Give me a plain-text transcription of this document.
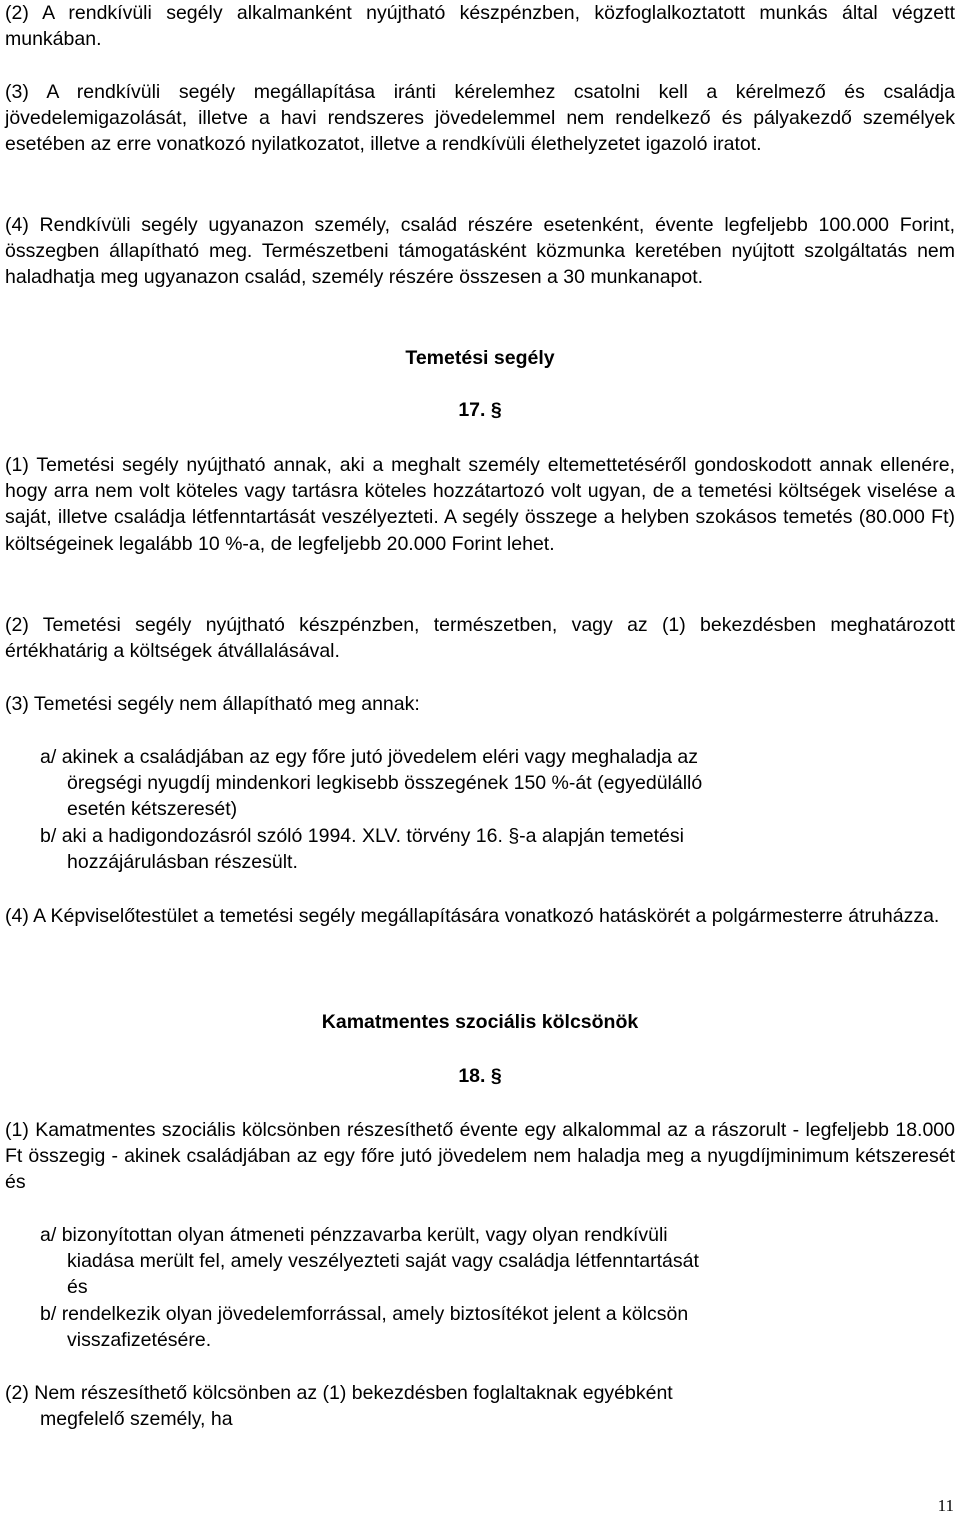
(2) A rendkívüli segély alkalmanként nyújtható készpénzben, közfoglalkoztatott munkás által végzett munkában.
(3) A rendkívüli segély megállapítása iránti kérelemhez csatolni kell a kérelmező és családja jövedelemigazolását, illetve a havi rendszeres jövedelemmel nem rendelkező és pályakezdő személyek esetében az erre vonatkozó nyilatkozatot, illetve a rendkívüli élethelyzetet igazoló iratot.
(4) Rendkívüli segély ugyanazon személy, család részére esetenként, évente legfeljebb 100.000 Forint, összegben állapítható meg. Természetbeni támogatásként közmunka keretében nyújtott szolgáltatás nem haladhatja meg ugyanazon család, személy részére összesen a 30 munkanapot.
Temetési segély
17. §
(1) Temetési segély nyújtható annak, aki a meghalt személy eltemettetéséről gondoskodott annak ellenére, hogy arra nem volt köteles vagy tartásra köteles hozzátartozó volt ugyan, de a temetési költségek viselése a saját, illetve családja létfenntartását veszélyezteti. A segély összege a helyben szokásos temetés (80.000 Ft) költségeinek legalább 10 %-a, de legfeljebb 20.000 Forint lehet.
(2) Temetési segély nyújtható készpénzben, természetben, vagy az (1) bekezdésben meghatározott értékhatárig a költségek átvállalásával.
(3) Temetési segély nem állapítható meg annak:
a/ akinek a családjában az egy főre jutó jövedelem eléri vagy meghaladja az
öregségi nyugdíj mindenkori legkisebb összegének 150 %-át (egyedülálló
esetén kétszeresét)
b/ aki a hadigondozásról szóló 1994. XLV. törvény 16. §-a alapján temetési
hozzájárulásban részesült.
(4) A Képviselőtestület a temetési segély megállapítására vonatkozó hatáskörét a polgármesterre átruházza.
Kamatmentes szociális kölcsönök
18. §
(1) Kamatmentes szociális kölcsönben részesíthető évente egy alkalommal az a rászorult - legfeljebb 18.000 Ft összegig - akinek családjában az egy főre jutó jövedelem nem haladja meg a nyugdíjminimum kétszeresét és
a/ bizonyítottan olyan átmeneti pénzzavarba került, vagy olyan rendkívüli
kiadása merült fel, amely veszélyezteti saját vagy családja létfenntartását
és
b/ rendelkezik olyan jövedelemforrással, amely biztosítékot jelent a kölcsön
visszafizetésére.
(2) Nem részesíthető kölcsönben az (1) bekezdésben foglaltaknak egyébként
megfelelő személy, ha
11
